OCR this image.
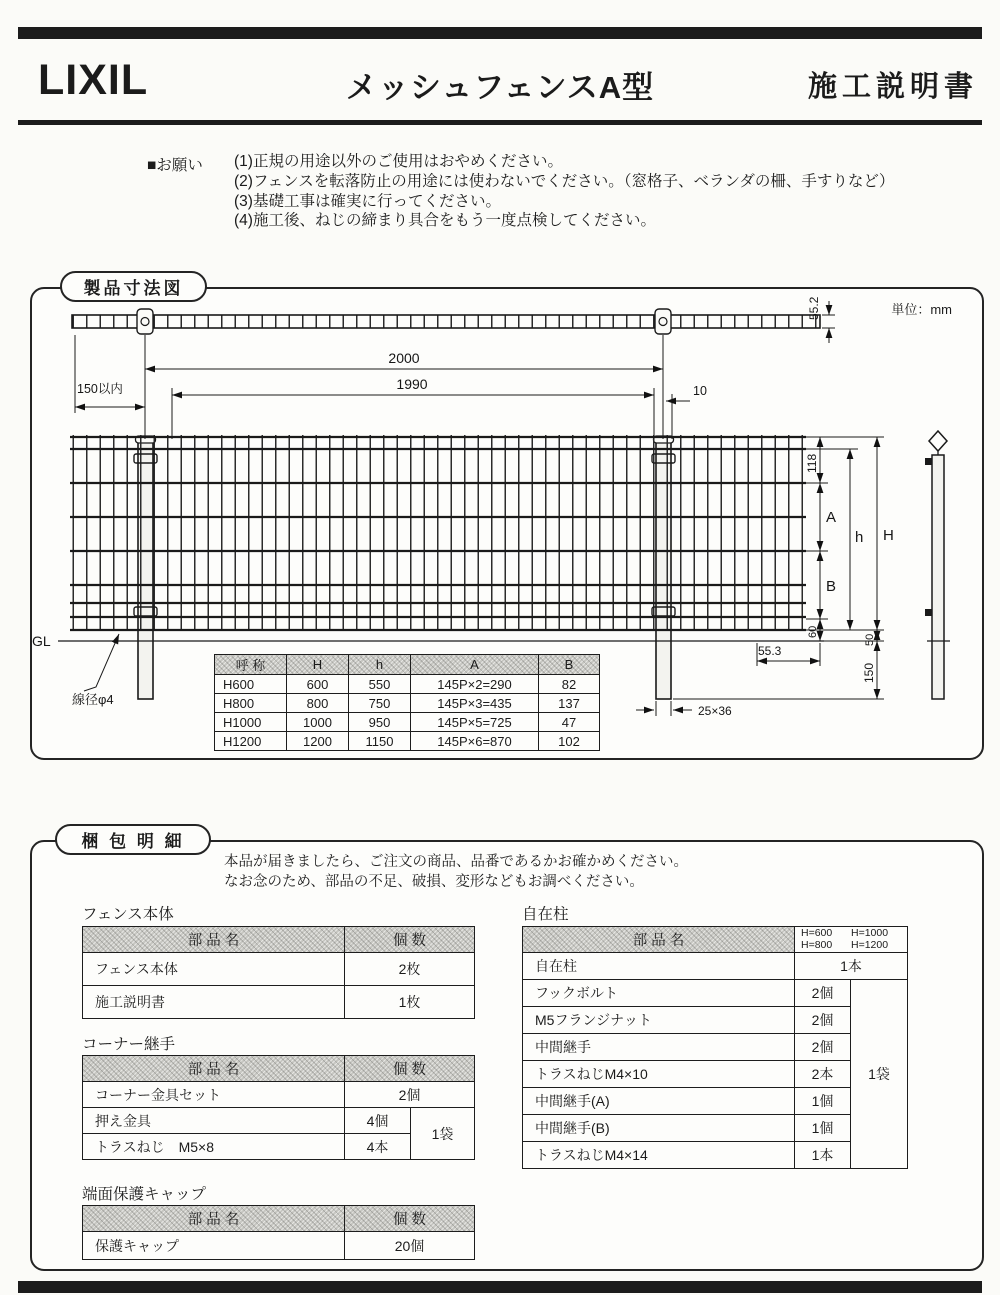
LIXIL	メッシュフェンスA型	施工説明書
■お願い (1)正規の用途以外のご使用はおやめください。
(2)フェンスを転落防止の用途には使わないでください。（窓格子、ベランダの柵、手すりなど）
(3)基礎工事は確実に行ってください。
(4)施工後、ねじの締まり具合をもう一度点検してください。
製品寸法図
単位：mm
55.2
GL
線径φ4
2000
1990
150以内	10
118
A
B
60
h H
50
150
55.3
25×36
呼 称	H	h	A	B
H600	600	550	145P×2=290	82
H800	800	750	145P×3=435	137
H1000	1000	950	145P×5=725	47
H1200	1200	1150	145P×6=870	102
梱 包 明 細
本品が届きましたら、ご注文の商品、品番であるかお確かめください。
なお念のため、部品の不足、破損、変形などもお調べください。
フェンス本体
部 品 名	個 数
フェンス本体	2枚
施工説明書	1枚
コーナー継手
部 品 名	個 数	
コーナー金具セット	2個	
押え金具	4個	1袋
トラスねじ　M5×8	4本	
端面保護キャップ
部 品 名	個 数
保護キャップ	20個
自在柱
部 品 名	H=600 H=1000
H=800 H=1200	

自在柱	1本	
フックボルト	2個	1袋
M5フランジナット	2個	
中間継手	2個	
トラスねじM4×10	2本	
中間継手(A)	1個	
中間継手(B)	1個	
トラスねじM4×14	1本	
